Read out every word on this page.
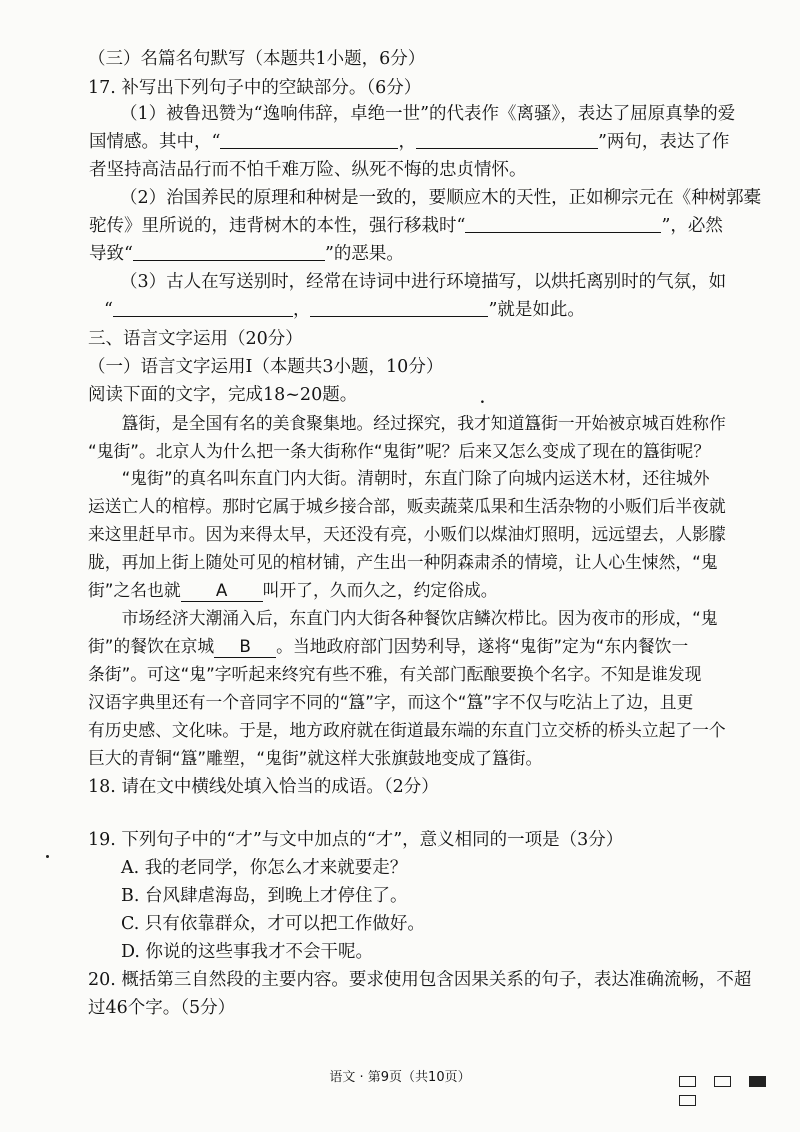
（三）名篇名句默写（本题共1小题，6分）
17. 补写出下列句子中的空缺部分。（6分）
（1）被鲁迅赞为“逸响伟辞，卓绝一世”的代表作《离骚》，表达了屈原真挚的爱
国情感。其中，“	，	”两句，表达了作
者坚持高洁品行而不怕千难万险、纵死不悔的忠贞情怀。
（2）治国养民的原理和种树是一致的，要顺应木的天性，正如柳宗元在《种树郭橐
驼传》里所说的，违背树木的本性，强行移栽时“	”，必然
导致“	”的恶果。
（3）古人在写送别时，经常在诗词中进行环境描写，以烘托离别时的气氛，如
“	，	”就是如此。
三、语言文字运用（20分）
（一）语言文字运用Ⅰ（本题共3小题，10分）
阅读下面的文字，完成18~20题。
　　簋街，是全国有名的美食聚集地。经过探究，我才知道簋街一开始被京城百姓称作
“鬼街”。北京人为什么把一条大街称作“鬼街”呢？后来又怎么变成了现在的簋街呢？
　　“鬼街”的真名叫东直门内大街。清朝时，东直门除了向城内运送木材，还往城外
运送亡人的棺椁。那时它属于城乡接合部，贩卖蔬菜瓜果和生活杂物的小贩们后半夜就
来这里赶早市。因为来得太早，天还没有亮，小贩们以煤油灯照明，远远望去，人影朦
胧，再加上街上随处可见的棺材铺，产生出一种阴森肃杀的情境，让人心生悚然，“鬼
街”之名也就 A 叫开了，久而久之，约定俗成。
　　市场经济大潮涌入后，东直门内大街各种餐饮店鳞次栉比。因为夜市的形成，“鬼
街”的餐饮在京城 B 。当地政府部门因势利导，遂将“鬼街”定为“东内餐饮一
条街”。可这“鬼”字听起来终究有些不雅，有关部门酝酿要换个名字。不知是谁发现
汉语字典里还有一个音同字不同的“簋”字，而这个“簋”字不仅与吃沾上了边，且更
有历史感、文化味。于是，地方政府就在街道最东端的东直门立交桥的桥头立起了一个
巨大的青铜“簋”雕塑，“鬼街”就这样大张旗鼓地变成了簋街。
18. 请在文中横线处填入恰当的成语。（2分）
19. 下列句子中的“才”与文中加点的“才”，意义相同的一项是（3分）
A. 我的老同学，你怎么才来就要走？
B. 台风肆虐海岛，到晚上才停住了。
C. 只有依靠群众，才可以把工作做好。
D. 你说的这些事我才不会干呢。
20. 概括第三自然段的主要内容。要求使用包含因果关系的句子，表达准确流畅，不超
过46个字。（5分）
语文 · 第9页（共10页）
